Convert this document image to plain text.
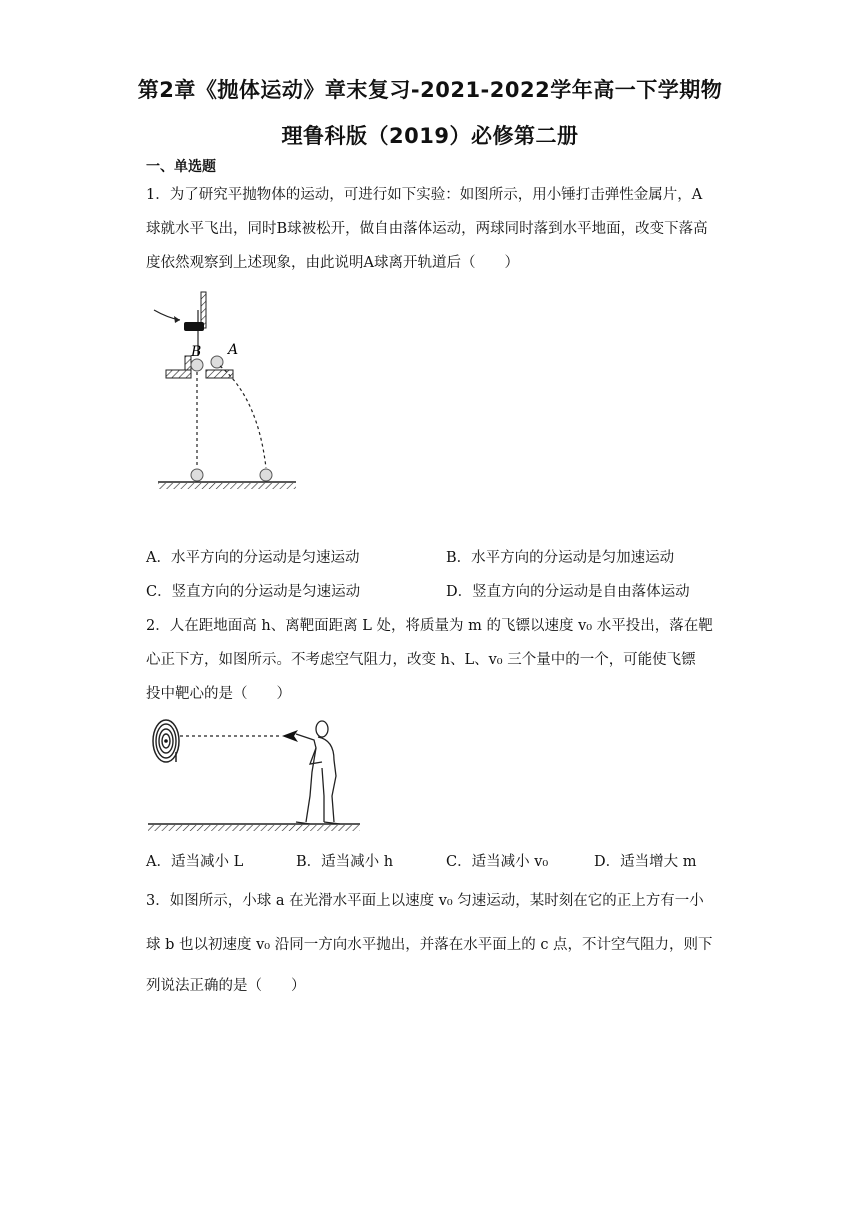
第2章《抛体运动》章末复习-2021-2022学年高一下学期物
理鲁科版（2019）必修第二册
一、单选题
1．为了研究平抛物体的运动，可进行如下实验：如图所示，用小锤打击弹性金属片，A
球就水平飞出，同时B球被松开，做自由落体运动，两球同时落到水平地面，改变下落高
度依然观察到上述现象，由此说明A球离开轨道后（　　）
B A
A．水平方向的分运动是匀速运动	B．水平方向的分运动是匀加速运动
C．竖直方向的分运动是匀速运动	D．竖直方向的分运动是自由落体运动
2．人在距地面高 h、离靶面距离 L 处，将质量为 m 的飞镖以速度 v₀ 水平投出，落在靶
心正下方，如图所示。不考虑空气阻力，改变 h、L、v₀ 三个量中的一个，可能使飞镖
投中靶心的是（　　）
A．适当减小 L	B．适当减小 h	C．适当减小 v₀	D．适当增大 m
3．如图所示，小球 a 在光滑水平面上以速度 v₀ 匀速运动，某时刻在它的正上方有一小
球 b 也以初速度 v₀ 沿同一方向水平抛出，并落在水平面上的 c 点，不计空气阻力，则下
列说法正确的是（　　）
